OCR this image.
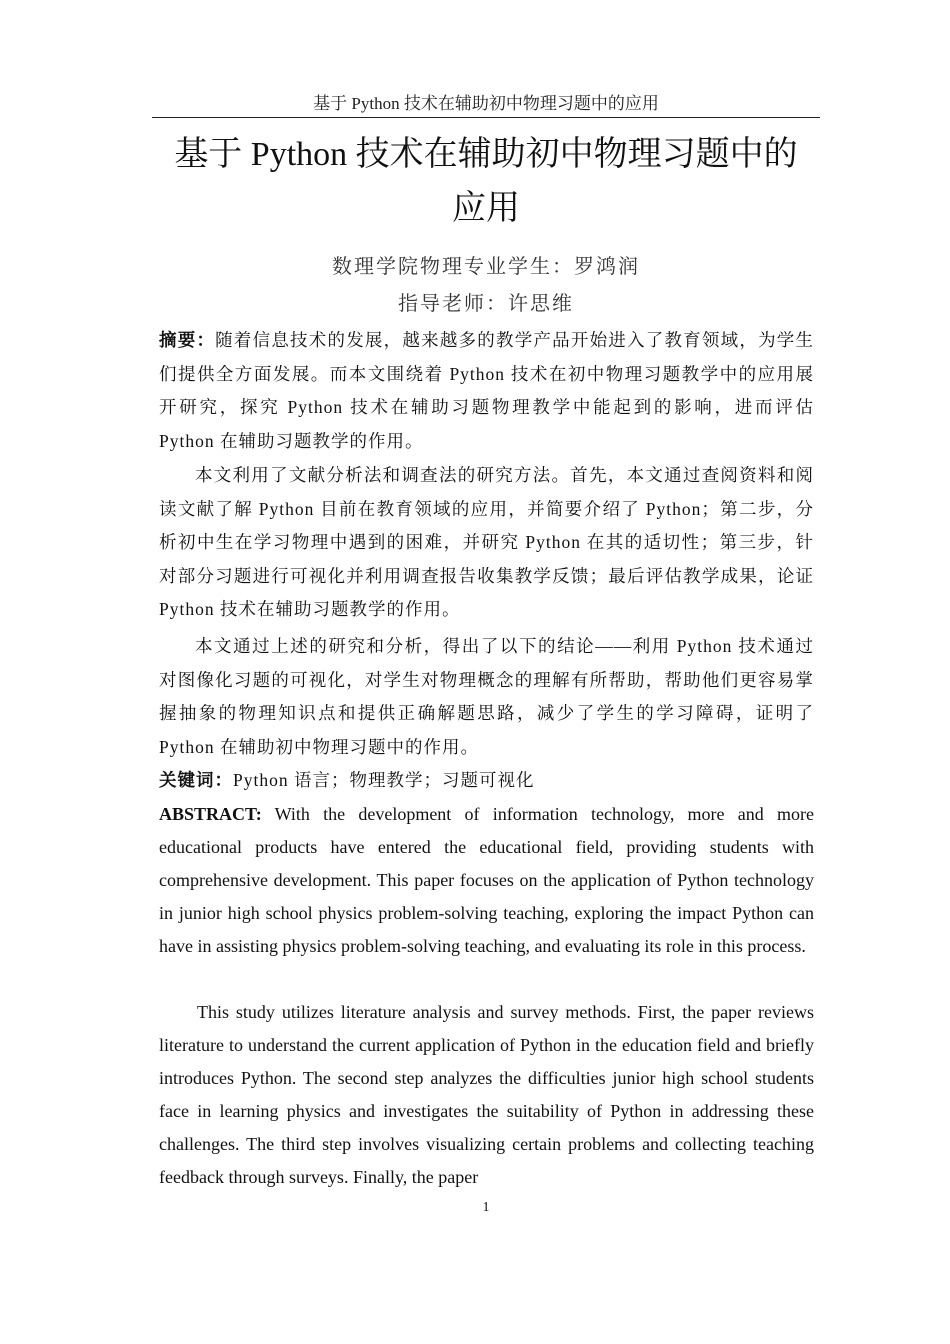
基于 Python 技术在辅助初中物理习题中的应用
基于 Python 技术在辅助初中物理习题中的
应用
数理学院物理专业学生：罗鸿润
指导老师：许思维

摘要：随着信息技术的发展，越来越多的教学产品开始进入了教育领域，为学生们提供全方面发展。而本文围绕着 Python 技术在初中物理习题教学中的应用展开研究，探究 Python 技术在辅助习题物理教学中能起到的影响，进而评估 Python 在辅助习题教学的作用。

本文利用了文献分析法和调查法的研究方法。首先，本文通过查阅资料和阅读文献了解 Python 目前在教育领域的应用，并简要介绍了 Python；第二步，分析初中生在学习物理中遇到的困难，并研究 Python 在其的适切性；第三步，针对部分习题进行可视化并利用调查报告收集教学反馈；最后评估教学成果，论证 Python 技术在辅助习题教学的作用。

本文通过上述的研究和分析，得出了以下的结论——利用 Python 技术通过对图像化习题的可视化，对学生对物理概念的理解有所帮助，帮助他们更容易掌握抽象的物理知识点和提供正确解题思路，减少了学生的学习障碍，证明了 Python 在辅助初中物理习题中的作用。

关键词：Python 语言；物理教学；习题可视化

ABSTRACT: With the development of information technology, more and more educational products have entered the educational field, providing students with comprehensive development. This paper focuses on the application of Python technology in junior high school physics problem-solving teaching, exploring the impact Python can have in assisting physics problem-solving teaching, and evaluating its role in this process.

This study utilizes literature analysis and survey methods. First, the paper reviews literature to understand the current application of Python in the education field and briefly introduces Python. The second step analyzes the difficulties junior high school students face in learning physics and investigates the suitability of Python in addressing these challenges. The third step involves visualizing certain problems and collecting teaching feedback through surveys. Finally, the paper

1
